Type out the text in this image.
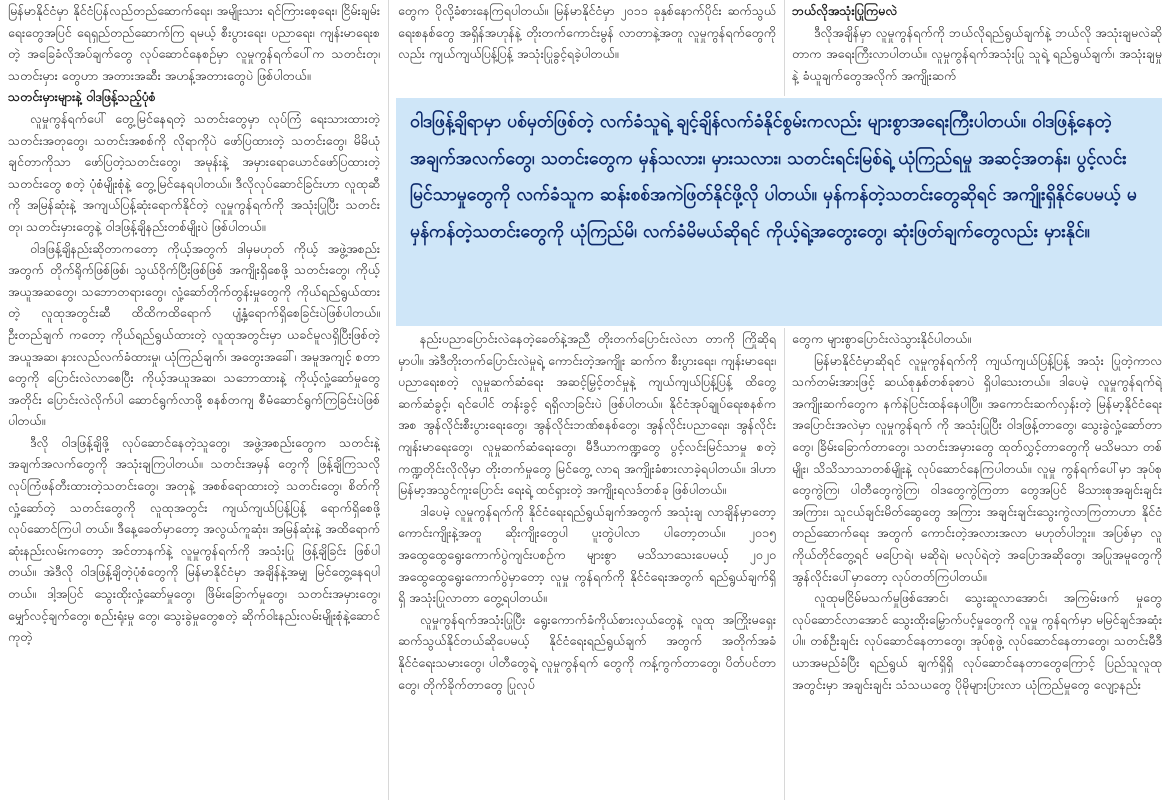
မြန်မာနိုင်ငံမှာ နိုင်ငံပြန်လည်တည်ဆောက်ရေး၊ အမျိုးသား ရင်ကြားစေ့ရေး၊ ငြိမ်းချမ်းရေးတွေအပြင် ရေရှည်တည်ဆောက်ကြ ရမယ့် စီးပွားရေး၊ ပညာရေး၊ ကျန်းမာရေးစတဲ့ အခြေခံလိုအပ်ချက်တွေ လုပ်ဆောင်နေစဉ်မှာ လူမှုကွန်ရက်ပေါ်က သတင်းတု၊ သတင်းမှား တွေဟာ အတားအဆီး အဟန့်အတားတွေပဲ ဖြစ်ပါတယ်။

သတင်းမှားများနဲ့ ဝါဒဖြန့်သည့်ပုံစံ

လူမှုကွန်ရက်ပေါ် တွေ့မြင်နေရတဲ့ သတင်းတွေမှာ လုပ်ကြံ ရေးသားထားတဲ့ သတင်းအတုတွေ၊ သတင်းအစစ်ကို လိုရာကိုပဲ ဖော်ပြထားတဲ့ သတင်းတွေ၊ မိမိယုံချင်တာကိုသာ ဖော်ပြတဲ့သတင်းတွေ၊ အမုန်းနဲ့ အမှားရောယောင်ဖော်ပြထားတဲ့သတင်းတွေ စတဲ့ ပုံစံမျိုးစုံနဲ့ တွေ့မြင်နေရပါတယ်။ ဒီလိုလုပ်ဆောင်ခြင်းဟာ လူထုဆီကို အမြန်ဆုံးနဲ့ အကျယ်ပြန့်ဆုံးရောက်နိုင်တဲ့ လူမှုကွန်ရက်ကို အသုံးပြုပြီး သတင်းတု၊ သတင်းမှားတွေနဲ့ ဝါဒဖြန့်ချိနည်းတစ်မျိုးပဲ ဖြစ်ပါတယ်။

ဝါဒဖြန့်ချိနည်းဆိုတာကတော့ ကိုယ့်အတွက် ဒါမှမဟုတ် ကိုယ့် အဖွဲ့အစည်းအတွက် တိုက်ရိုက်ဖြစ်ဖြစ်၊ သွယ်ဝိုက်ပြီးဖြစ်ဖြစ် အကျိုးရှိစေဖို့ သတင်းတွေ၊ ကိုယ့်အယူအဆတွေ၊ သဘောတရားတွေ၊ လှုံ့ဆော်တိုက်တွန်းမှုတွေကို ကိုယ်ရည်ရွယ်ထားတဲ့ လူထုအတွင်းဆီ ထိထိကထိရောက် ပျံ့နှံ့ရောက်ရှိစေခြင်းပဲဖြစ်ပါတယ်။ ဦးတည်ချက် ကတော့ ကိုယ်ရည်ရွယ်ထားတဲ့ လူထုအတွင်းမှာ ယခင်မူလရှိပြီးဖြစ်တဲ့ အယူအဆ၊ နားလည်လက်ခံထားမှု၊ ယုံကြည်ချက်၊ အတွေးအခေါ်၊ အမူအကျင့် စတာတွေကို ပြောင်းလဲလာစေပြီး ကိုယ့်အယူအဆ၊ သဘောထားနဲ့ ကိုယ့်လှုံ့ဆော်မှုတွေအတိုင်း ပြောင်းလဲလိုက်ပါ ဆောင်ရွက်လာဖို့ စနစ်တကျ စီမံဆောင်ရွက်ကြခြင်းပဲဖြစ်ပါတယ်။

ဒီလို ဝါဒဖြန့်ချိဖို့ လုပ်ဆောင်နေတဲ့သူတွေ၊ အဖွဲ့အစည်းတွေက သတင်းနဲ့ အချက်အလက်တွေကို အသုံးချကြပါတယ်။ သတင်းအမှန် တွေကို ဖြန့်ချိကြသလို လုပ်ကြံဖန်တီးထားတဲ့သတင်းတွေ၊ အတုနဲ့ အစစ်ရောထားတဲ့ သတင်းတွေ၊ စိတ်ကိုလှုံ့ဆော်တဲ့ သတင်းတွေကို လူထုအတွင်း ကျယ်ကျယ်ပြန့်ပြန့် ရောက်ရှိစေဖို့ လုပ်ဆောင်ကြပါ တယ်။ ဒီနေ့ခေတ်မှာတော့ အလွယ်ကူဆုံး၊ အမြန်ဆုံးနဲ့ အထိရောက် ဆုံးနည်းလမ်းကတော့ အင်တာနက်နဲ့ လူမှုကွန်ရက်ကို အသုံးပြု ဖြန့်ချိခြင်း ဖြစ်ပါတယ်။ အဲဒီလို ဝါဒဖြန့်ချိတဲ့ပုံစံတွေကို မြန်မာနိုင်ငံမှာ အချိန်နဲ့အမျှ မြင်တွေ့နေရပါတယ်။ ဒါ့အပြင် သွေးထိုးလှုံ့ဆော်မှုတွေ၊ ဖြိမ်းခြောက်မှုတွေ၊ သတင်းအမှားတွေ၊ မျှော်လင့်ချက်တွေ၊ စည်းရုံးမှု တွေ၊ သွေးခွဲမှုတွေစတဲ့ ဆိုက်ဝါးနည်းလမ်းမျိုးစုံနဲ့ဆောင်ကုတဲ့

တွေက ပိုလို့ခံစားနေကြရပါတယ်။ မြန်မာနိုင်ငံမှာ ၂၀၁၁ ခုနှစ်နောက်ပိုင်း ဆက်သွယ်ရေးစနစ်တွေ အရှိန်အဟုန်နဲ့ တိုးတက်ကောင်းမွန် လာတာနဲ့အတူ လူမှုကွန်ရက်တွေကိုလည်း ကျယ်ကျယ်ပြန့်ပြန့် အသုံးပြုခွင့်ရခဲ့ပါတယ်။

ဘယ်လိုအသုံးပြုကြမလဲ

ဒီလိုအချိန်မှာ လူမှုကွန်ရက်ကို ဘယ်လိုရည်ရွယ်ချက်နဲ့ ဘယ်လို အသုံးချမလဲဆိုတာက အရေးကြီးလာပါတယ်။ လူမှုကွန်ရက်အသုံးပြု သူရဲ့ ရည်ရွယ်ချက်၊ အသုံးချမှုနဲ့ ခံယူချက်တွေအလိုက် အကျိုးဆက်

ဝါဒဖြန့်ချိရာမှာ ပစ်မှတ်ဖြစ်တဲ့ လက်ခံသူရဲ့ ချင့်ချိန်လက်ခံနိုင်စွမ်းကလည်း များစွာအရေးကြီးပါတယ်။ ဝါဒဖြန့်နေတဲ့ အချက်အလက်တွေ၊ သတင်းတွေက မှန်သလား၊ မှားသလား၊ သတင်းရင်းမြစ်ရဲ့ ယုံကြည်ရမှု အဆင့်အတန်း၊ ပွင့်လင်းမြင်သာမှုတွေကို လက်ခံသူက ဆန်းစစ်အကဲဖြတ်နိုင်ဖို့လို ပါတယ်။ မှန်ကန်တဲ့သတင်းတွေဆိုရင် အကျိုးရှိနိုင်ပေမယ့် မမှန်ကန်တဲ့သတင်းတွေကို ယုံကြည်မိ၊ လက်ခံမိမယ်ဆိုရင် ကိုယ့်ရဲ့အတွေးတွေ၊ ဆုံးဖြတ်ချက်တွေလည်း မှားနိုင်။

နည်းပညာပြောင်းလဲနေတဲ့ခေတ်နဲ့အညီ တိုးတက်ပြောင်းလဲလာ တာကို ကြိုဆိုရမှာပါ။ အဲဒီတိုးတက်ပြောင်းလဲမှုရဲ့ ကောင်းတဲ့အကျိုး ဆက်က စီးပွားရေး၊ ကျန်းမာရေး၊ ပညာရေးစတဲ့ လူမှုဆက်ဆံရေး အဆင့်မြှင့်တင်မှုနဲ့ ကျယ်ကျယ်ပြန့်ပြန့် ထိတွေ့ဆက်ဆံခွင့်၊ ရင်ပေါင် တန်းခွင့် ရရှိလာခြင်းပဲ ဖြစ်ပါတယ်။ နိုင်ငံအုပ်ချုပ်ရေးစနစ်ကအစ အွန်လိုင်းစီးပွားရေးတွေ၊ အွန်လိုင်းဘဏ်စနစ်တွေ၊ အွန်လိုင်းပညာရေး၊ အွန်လိုင်းကျန်းမာရေးတွေ၊ လူမှုဆက်ဆံရေးတွေ၊ မီဒီယာကဏ္ဍတွေ ပွင့်လင်းမြင်သာမှု စတဲ့ ကဏ္ဍတိုင်းလိုလိုမှာ တိုးတက်မှုတွေ မြင်တွေ့ လာရ အကျိုးခံစားလာခဲ့ရပါတယ်။ ဒါဟာ မြန်မာ့အသွင်ကူးပြောင်း ရေးရဲ့ ထင်ရှားတဲ့ အကျိုးရလဒ်တစ်ခု ဖြစ်ပါတယ်။

ဒါပေမဲ့ လူမှုကွန်ရက်ကို နိုင်ငံရေးရည်ရွယ်ချက်အတွက် အသုံးချ လာချိန်မှာတော့ ကောင်းကျိုးနဲ့အတူ ဆိုးကျိုးတွေပါ ပူးတွဲပါလာ ပါတော့တယ်။ ၂၀၁၅ အထွေထွေရွေးကောက်ပွဲကျင်းပစဉ်က များစွာ မသိသာသေးပေမယ့် ၂၀၂၀ အထွေထွေရွေးကောက်ပွဲမှာတော့ လူမှု ကွန်ရက်ကို နိုင်ငံရေးအတွက် ရည်ရွယ်ချက်ရှိရှိ အသုံးပြုလာတာ တွေ့ရပါတယ်။

လူမှုကွန်ရက်အသုံးပြုပြီး ရွေးကောက်ခံကိုယ်စားလှယ်တွေနဲ့ လူထု အကြိုးမရှေးဆက်သွယ်နိုင်တယ်ဆိုပေမယ့် နိုင်ငံရေးရည်ရွယ်ချက် အတွက် အတိုက်အခံ နိုင်ငံရေးသမားတွေ၊ ပါတီတွေရဲ့ လူမှုကွန်ရက် တွေကို ကန့်ကွက်တာတွေ၊ ပိတ်ပင်တာတွေ၊ တိုက်ခိုက်တာတွေ ပြုလုပ်

တွေက များစွာပြောင်းလဲသွားနိုင်ပါတယ်။

မြန်မာနိုင်ငံမှာဆိုရင် လူမှုကွန်ရက်ကို ကျယ်ကျယ်ပြန့်ပြန့် အသုံး ပြုတဲ့ကာလ သက်တမ်းအားဖြင့် ဆယ်စုနှစ်တစ်ခုစာပဲ ရှိပါသေးတယ်။ ဒါပေမဲ့ လူမှုကွန်ရက်ရဲ့ အကျိုးဆက်တွေက နက်နဲပြင်းထန်နေပါပြီ။ အကောင်းဆက်လှန်းတဲ့ မြန်မာ့နိုင်ငံရေးအပြောင်းအလဲမှာ လူမှုကွန်ရက် ကို အသုံးပြုပြီး ဝါဒဖြန့်တာတွေ၊ သွေးခွဲလှုံ့ဆော်တာတွေ၊ ခြိမ်းခြောက်တာတွေ၊ သတင်းအမှားတွေ ထုတ်လွှင့်တာတွေကို မသိမသာ တစ်မျိုး၊ သိသိသာသာတစ်မျိုးနဲ့ လုပ်ဆောင်နေကြပါတယ်။ လူမှု ကွန်ရက်ပေါ်မှာ အုပ်စုတွေကွဲကြ၊ ပါတီတွေကွဲကြ၊ ဝါဒတွေကွဲကြတာ တွေအပြင် မိသားစုအချင်းချင်းအကြား၊ သူငယ်ချင်းမိတ်ဆွေတွေ အကြား အချင်းချင်းသွေးကွဲလာကြတာဟာ နိုင်ငံတည်ဆောက်ရေး အတွက် ကောင်းတဲ့အလားအလာ မဟုတ်ပါဘူး။ အပြစ်မှာ လူကိုယ်တိုင်တွေ့ရင် မပြောရဲ၊ မဆိုရဲ၊ မလုပ်ရဲတဲ့ အပြောအဆိုတွေ၊ အပြုအမူတွေကို အွန်လိုင်းပေါ်မှာတော့ လုပ်တတ်ကြပါတယ်။

လူထုမငြိမ်မသက်မှုဖြစ်အောင်၊ သွေးဆူလာအောင်၊ အကြမ်းဖက် မှုတွေ လုပ်ဆောင်လာအောင် သွေးထိုးမြှောက်ပင့်မှုတွေကို လူမှု ကွန်ရက်မှာ မမြင်ချင်အဆုံးပါ။ တစ်ဦးချင်း လုပ်ဆောင်နေတာတွေ၊ အုပ်စုဖွဲ့ လုပ်ဆောင်နေတာတွေ၊ သတင်းမီဒီယာအမည်ခံပြီး ရည်ရွယ် ချက်ရှိရှိ လုပ်ဆောင်နေတာတွေကြောင့် ပြည်သူလူထုအတွင်းမှာ အချင်းချင်း သံသယတွေ ပိုမိုများပြားလာ ယုံကြည်မှုတွေ လျော့နည်း
